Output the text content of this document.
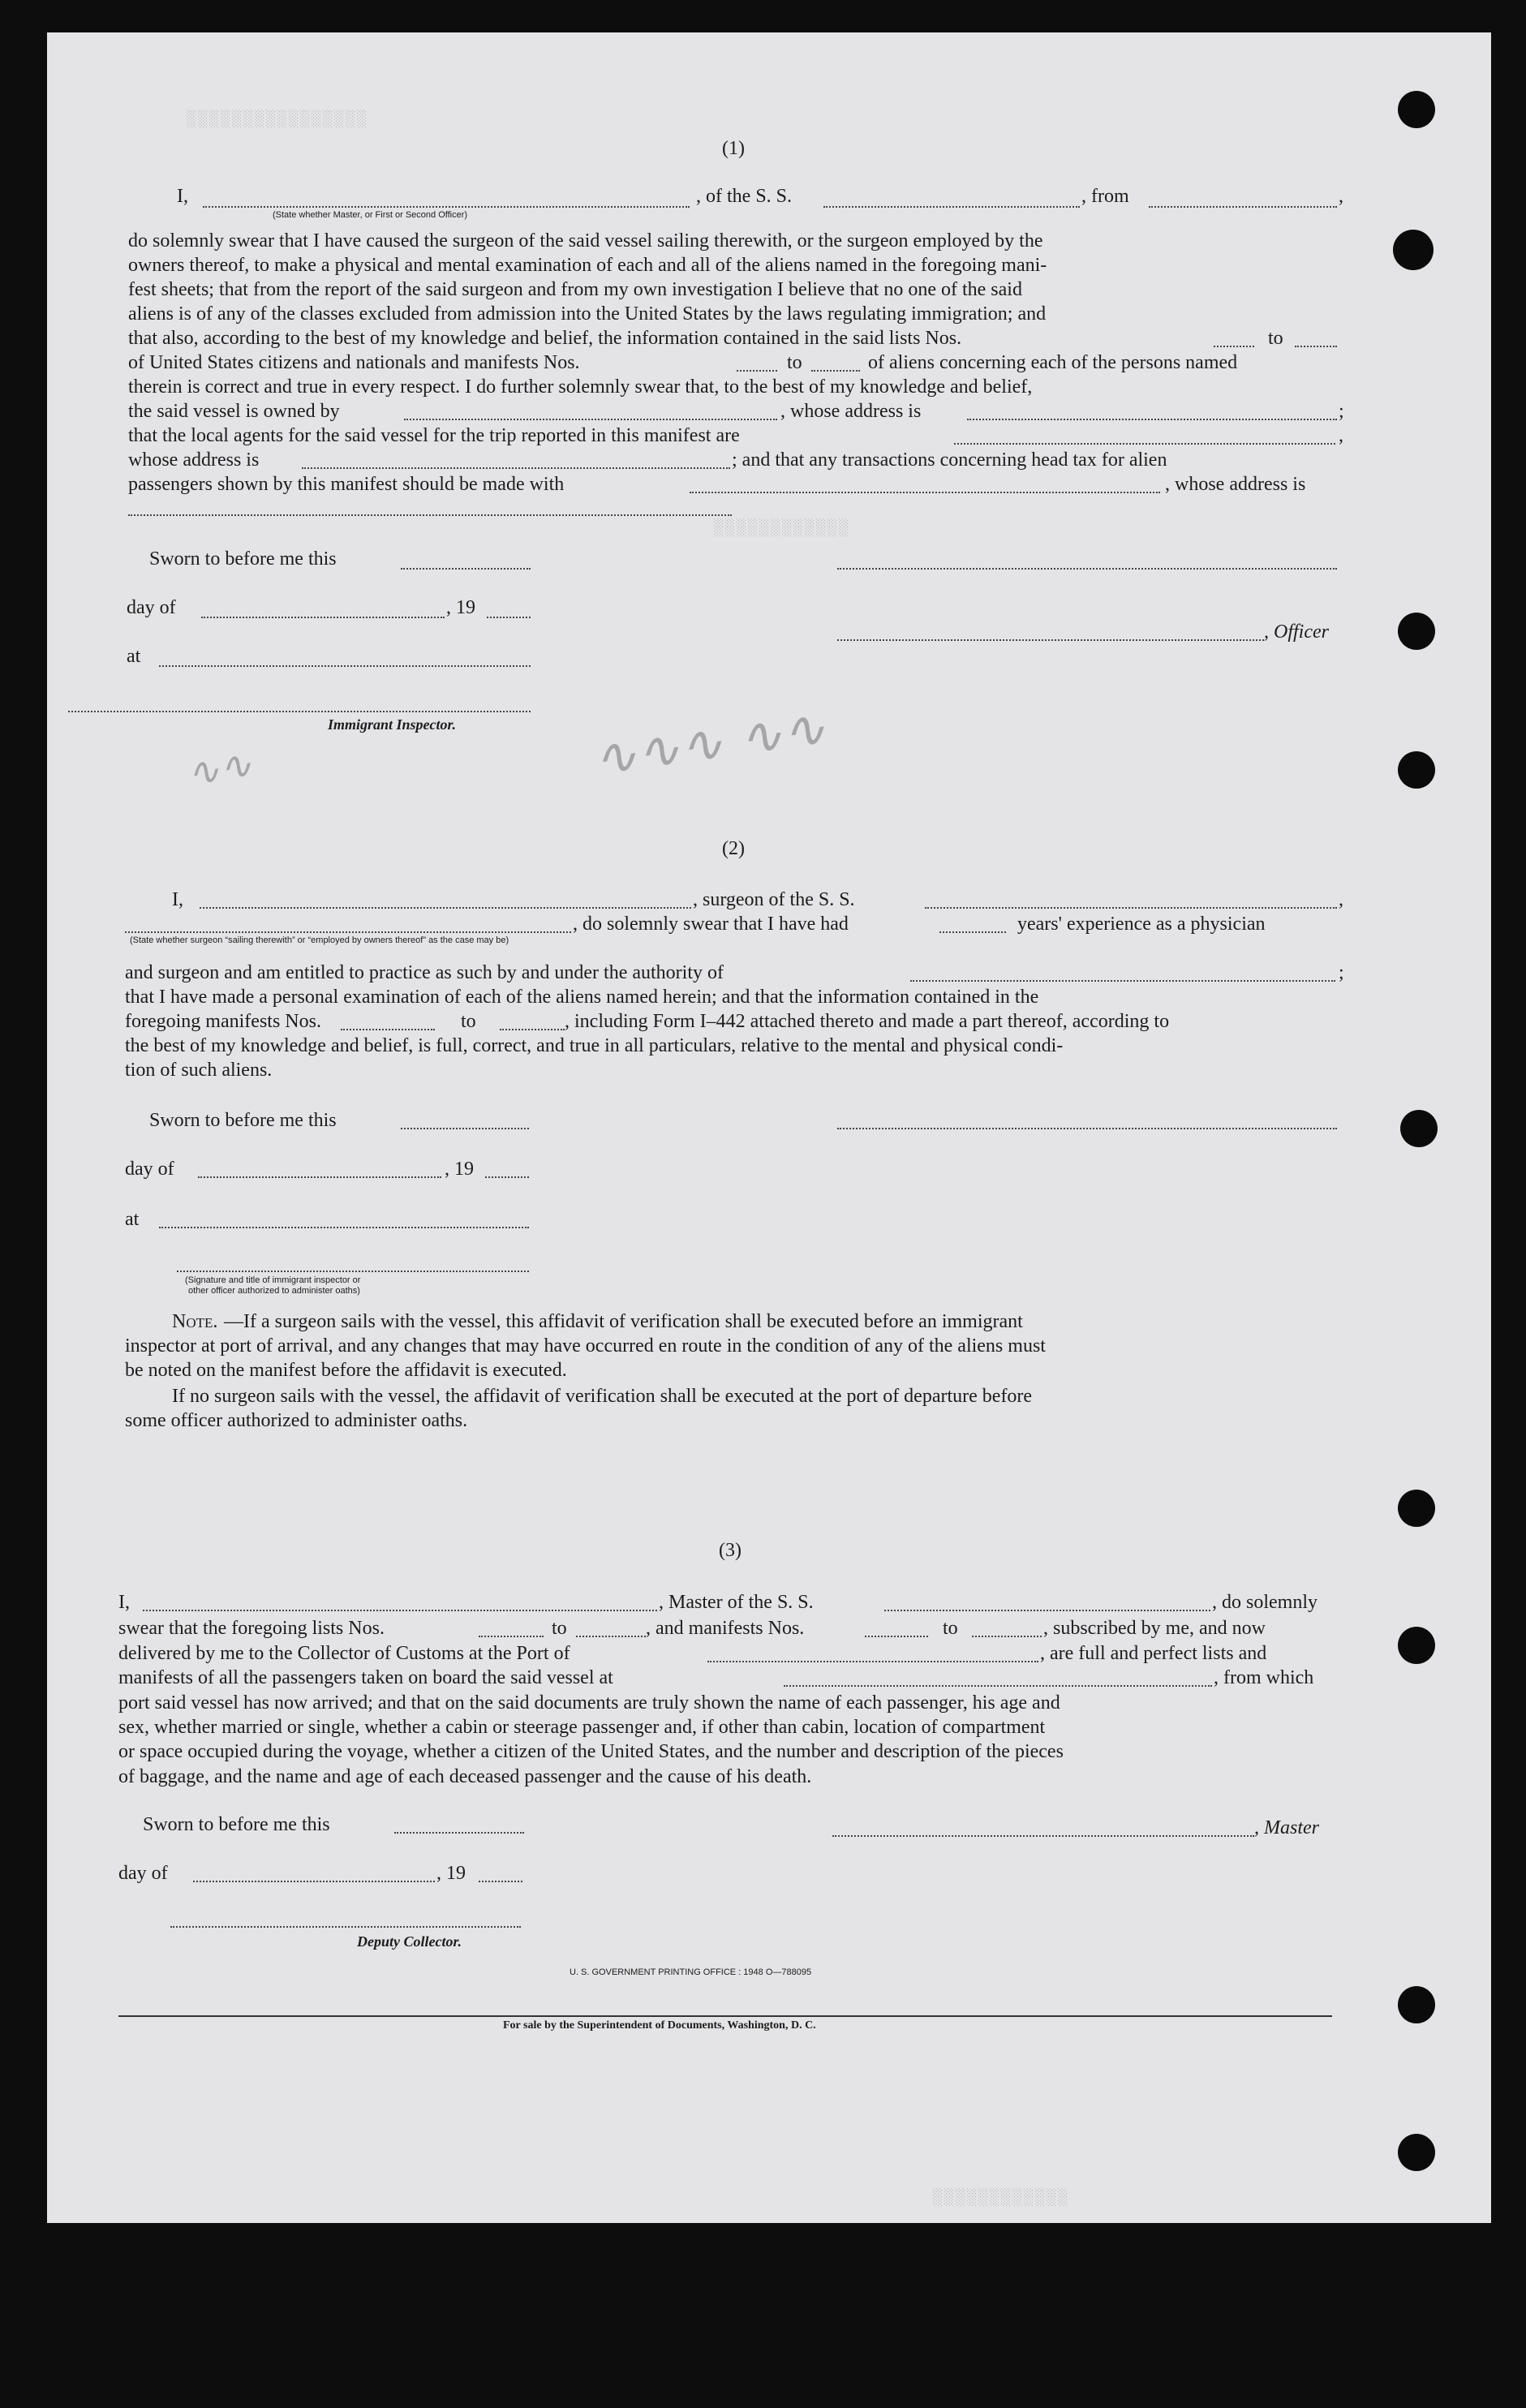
░░░░░░░░░░░░░░░░
░░░░░░░░░░░░
∿∿∿ ∿∿
∿∿
░░░░░░░░░░░░
(1)
I,	, of the S. S.	, from	,
(State whether Master, or First or Second Officer)
do solemnly swear that I have caused the surgeon of the said vessel sailing therewith, or the surgeon employed by the
owners thereof, to make a physical and mental examination of each and all of the aliens named in the foregoing mani-
fest sheets; that from the report of the said surgeon and from my own investigation I believe that no one of the said
aliens is of any of the classes excluded from admission into the United States by the laws regulating immigration; and
that also, according to the best of my knowledge and belief, the information contained in the said lists Nos.	to
of United States citizens and nationals and manifests Nos.	to	of aliens concerning each of the persons named
therein is correct and true in every respect. I do further solemnly swear that, to the best of my knowledge and belief,
the said vessel is owned by	, whose address is	;
that the local agents for the said vessel for the trip reported in this manifest are	,
whose address is	; and that any transactions concerning head tax for alien
passengers shown by this manifest should be made with	, whose address is
Sworn to before me this
day of	, 19
, Officer
at
Immigrant Inspector.
(2)
I,	, surgeon of the S. S.	,
, do solemnly swear that I have had	years' experience as a physician
(State whether surgeon “sailing therewith” or “employed by owners thereof” as the case may be)
and surgeon and am entitled to practice as such by and under the authority of	;
that I have made a personal examination of each of the aliens named herein; and that the information contained in the
foregoing manifests Nos.	to	, including Form I–442 attached thereto and made a part thereof, according to
the best of my knowledge and belief, is full, correct, and true in all particulars, relative to the mental and physical condi-
tion of such aliens.
Sworn to before me this
day of	, 19
at
(Signature and title of immigrant inspector or
other officer authorized to administer oaths)
Note. —If a surgeon sails with the vessel, this affidavit of verification shall be executed before an immigrant
inspector at port of arrival, and any changes that may have occurred en route in the condition of any of the aliens must
be noted on the manifest before the affidavit is executed.
If no surgeon sails with the vessel, the affidavit of verification shall be executed at the port of departure before
some officer authorized to administer oaths.
(3)
I,	, Master of the S. S.	, do solemnly
swear that the foregoing lists Nos.	to	, and manifests Nos.	to	, subscribed by me, and now
delivered by me to the Collector of Customs at the Port of	, are full and perfect lists and
manifests of all the passengers taken on board the said vessel at	, from which
port said vessel has now arrived; and that on the said documents are truly shown the name of each passenger, his age and
sex, whether married or single, whether a cabin or steerage passenger and, if other than cabin, location of compartment
or space occupied during the voyage, whether a citizen of the United States, and the number and description of the pieces
of baggage, and the name and age of each deceased passenger and the cause of his death.
Sworn to before me this	, Master
day of	, 19
Deputy Collector.
U. S. GOVERNMENT PRINTING OFFICE : 1948 O—788095
For sale by the Superintendent of Documents, Washington, D. C.
